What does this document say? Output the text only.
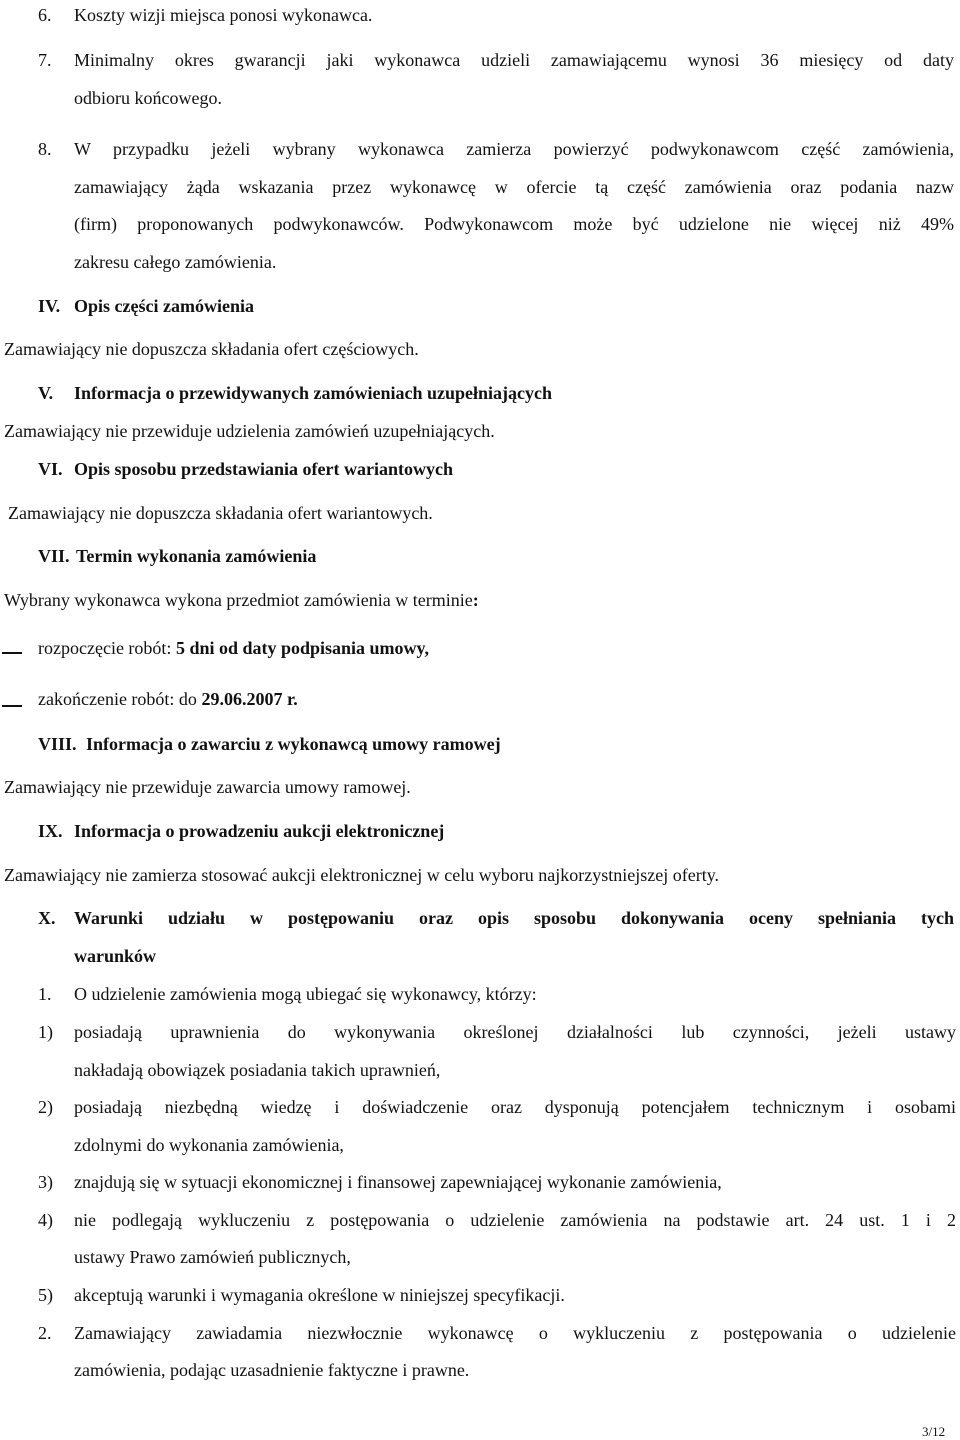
6. Koszty wizji miejsca ponosi wykonawca.
7. Minimalny okres gwarancji jaki wykonawca udzieli zamawiającemu wynosi 36 miesięcy od daty
odbioru końcowego.
8. W przypadku jeżeli wybrany wykonawca zamierza powierzyć podwykonawcom część zamówienia,
zamawiający żąda wskazania przez wykonawcę w ofercie tą część zamówienia oraz podania nazw
(firm) proponowanych podwykonawców. Podwykonawcom może być udzielone nie więcej niż 49%
zakresu całego zamówienia.
IV. Opis części zamówienia
Zamawiający nie dopuszcza składania ofert częściowych.
V. Informacja o przewidywanych zamówieniach uzupełniających
Zamawiający nie przewiduje udzielenia zamówień uzupełniających.
VI. Opis sposobu przedstawiania ofert wariantowych
Zamawiający nie dopuszcza składania ofert wariantowych.
VII. Termin wykonania zamówienia
Wybrany wykonawca wykona przedmiot zamówienia w terminie:
rozpoczęcie robót: 5 dni od daty podpisania umowy,
zakończenie robót: do 29.06.2007 r.
VIII. Informacja o zawarciu z wykonawcą umowy ramowej
Zamawiający nie przewiduje zawarcia umowy ramowej.
IX. Informacja o prowadzeniu aukcji elektronicznej
Zamawiający nie zamierza stosować aukcji elektronicznej w celu wyboru najkorzystniejszej oferty.
X. Warunki udziału w postępowaniu oraz opis sposobu dokonywania oceny spełniania tych
warunków
1. O udzielenie zamówienia mogą ubiegać się wykonawcy, którzy:
1) posiadają uprawnienia do wykonywania określonej działalności lub czynności, jeżeli ustawy
nakładają obowiązek posiadania takich uprawnień,
2) posiadają niezbędną wiedzę i doświadczenie oraz dysponują potencjałem technicznym i osobami
zdolnymi do wykonania zamówienia,
3) znajdują się w sytuacji ekonomicznej i finansowej zapewniającej wykonanie zamówienia,
4) nie podlegają wykluczeniu z postępowania o udzielenie zamówienia na podstawie art. 24 ust. 1 i 2
ustawy Prawo zamówień publicznych,
5) akceptują warunki i wymagania określone w niniejszej specyfikacji.
2. Zamawiający zawiadamia niezwłocznie wykonawcę o wykluczeniu z postępowania o udzielenie
zamówienia, podając uzasadnienie faktyczne i prawne.
3/12
